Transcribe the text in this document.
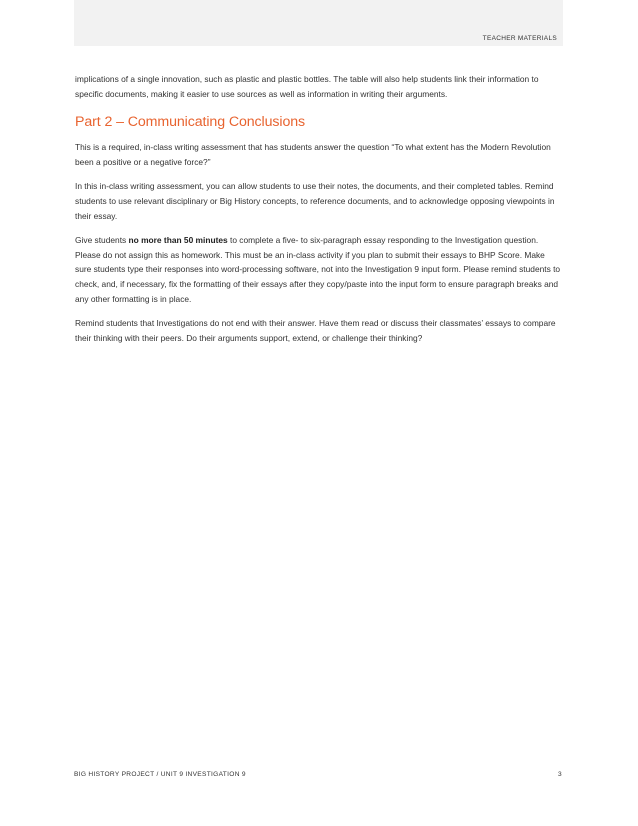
TEACHER MATERIALS

implications of a single innovation, such as plastic and plastic bottles. The table will also help students link their information to specific documents, making it easier to use sources as well as information in writing their arguments.

Part 2 – Communicating Conclusions

This is a required, in-class writing assessment that has students answer the question “To what extent has the Modern Revolution been a positive or a negative force?”

In this in-class writing assessment, you can allow students to use their notes, the documents, and their completed tables. Remind students to use relevant disciplinary or Big History concepts, to reference documents, and to acknowledge opposing viewpoints in their essay.

Give students no more than 50 minutes to complete a five- to six-paragraph essay responding to the Investigation question. Please do not assign this as homework. This must be an in-class activity if you plan to submit their essays to BHP Score. Make sure students type their responses into word-processing software, not into the Investigation 9 input form. Please remind students to check, and, if necessary, fix the formatting of their essays after they copy/paste into the input form to ensure paragraph breaks and any other formatting is in place.

Remind students that Investigations do not end with their answer. Have them read or discuss their classmates’ essays to compare their thinking with their peers. Do their arguments support, extend, or challenge their thinking?

BIG HISTORY PROJECT / UNIT 9 INVESTIGATION 9	3
